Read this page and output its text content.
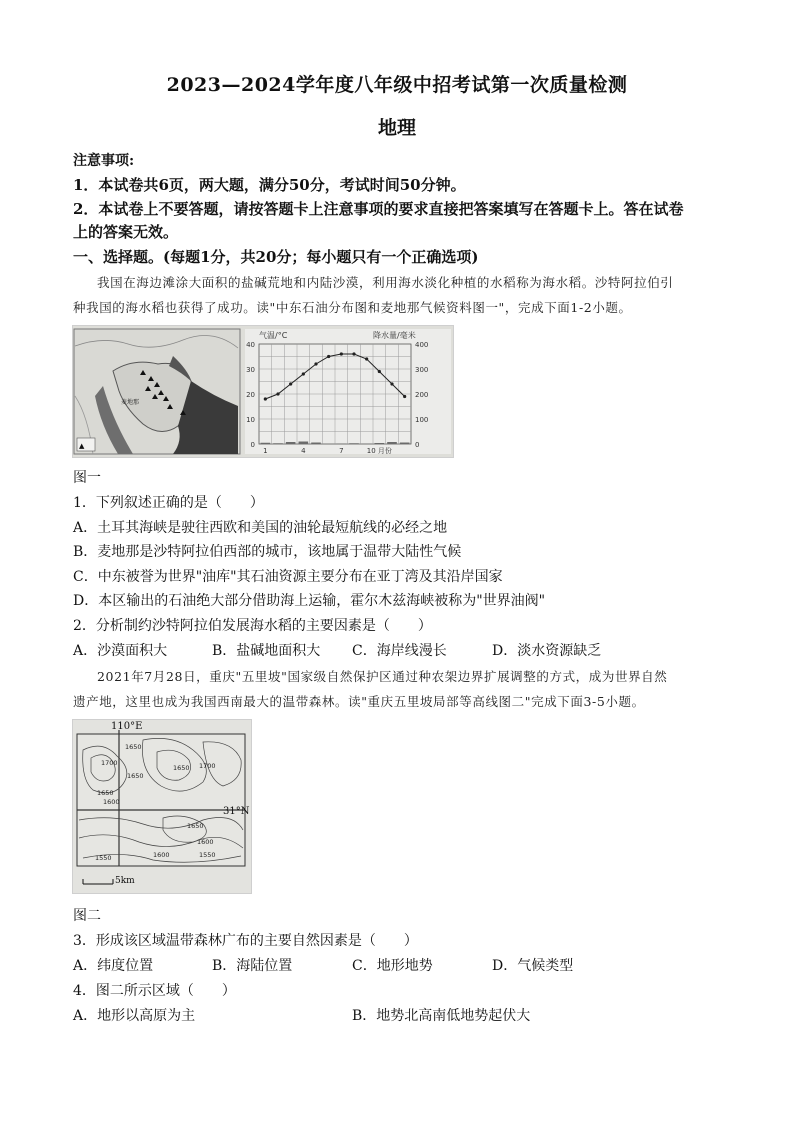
2023—2024学年度八年级中招考试第一次质量检测
地理
注意事项:
1．本试卷共6页，两大题，满分50分，考试时间50分钟。
2．本试卷上不要答题，请按答题卡上注意事项的要求直接把答案填写在答题卡上。答在试卷
上的答案无效。
一、选择题。(每题1分，共20分；每小题只有一个正确选项)
我国在海边滩涂大面积的盐碱荒地和内陆沙漠，利用海水淡化种植的水稻称为海水稻。沙特阿拉伯引
种我国的海水稻也获得了成功。读"中东石油分布图和麦地那气候资料图一"，完成下面1-2小题。
▲
麦地那
气温/°C	降水量/毫米
40
30
20
10
0
400
300
200
100
0
1	4	7	10 月份
图一
1．下列叙述正确的是（　　）
A．土耳其海峡是驶往西欧和美国的油轮最短航线的必经之地
B．麦地那是沙特阿拉伯西部的城市，该地属于温带大陆性气候
C．中东被誉为世界"油库"其石油资源主要分布在亚丁湾及其沿岸国家
D．本区输出的石油绝大部分借助海上运输，霍尔木兹海峡被称为"世界油阀"
2．分析制约沙特阿拉伯发展海水稻的主要因素是（　　）
A．沙漠面积大	B．盐碱地面积大 C．海岸线漫长	D．淡水资源缺乏
2021年7月28日，重庆"五里坡"国家级自然保护区通过种农架边界扩展调整的方式，成为世界自然
遗产地，这里也成为我国西南最大的温带森林。读"重庆五里坡局部等高线图二"完成下面3-5小题。
110°E
31°N
1650
1700
1650
1650 1700
1650
1600
1650
1600
1550	1600	1550
5km
图二
3．形成该区域温带森林广布的主要自然因素是（　　）
A．纬度位置	B．海陆位置	C．地形地势	D．气候类型
4．图二所示区域（　　）
A．地形以高原为主	B．地势北高南低地势起伏大
